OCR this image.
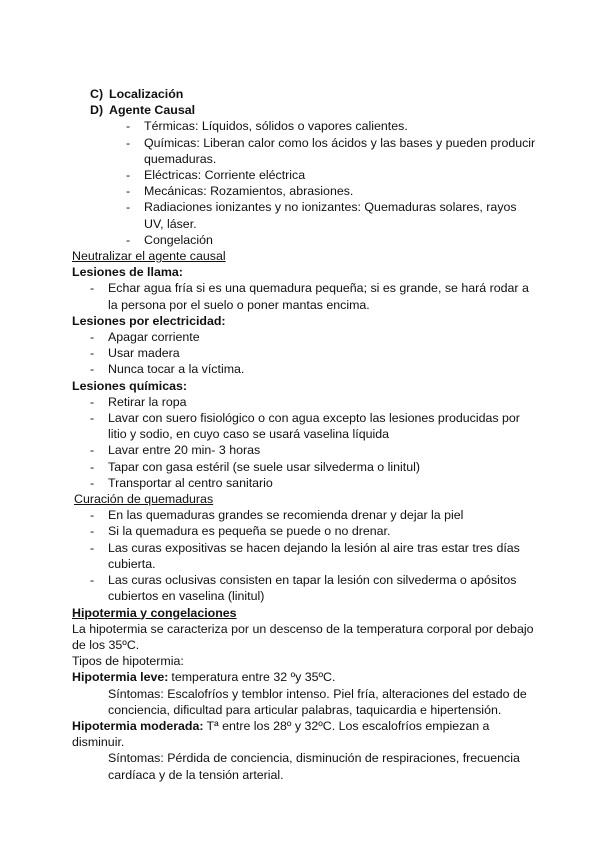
C) Localización
D) Agente Causal
- Térmicas: Líquidos, sólidos o vapores calientes.
- Químicas: Liberan calor como los ácidos y las bases y pueden producir
quemaduras.
- Eléctricas: Corriente eléctrica
- Mecánicas: Rozamientos, abrasiones.
- Radiaciones ionizantes y no ionizantes: Quemaduras solares, rayos
UV, láser.
- Congelación
Neutralizar el agente causal
Lesiones de llama:
- Echar agua fría si es una quemadura pequeña; si es grande, se hará rodar a
la persona por el suelo o poner mantas encima.
Lesiones por electricidad:
- Apagar corriente
- Usar madera
- Nunca tocar a la víctima.
Lesiones químicas:
- Retirar la ropa
- Lavar con suero fisiológico o con agua excepto las lesiones producidas por
litio y sodio, en cuyo caso se usará vaselina líquida
- Lavar entre 20 min- 3 horas
- Tapar con gasa estéril (se suele usar silvederma o linitul)
- Transportar al centro sanitario
Curación de quemaduras
- En las quemaduras grandes se recomienda drenar y dejar la piel
- Si la quemadura es pequeña se puede o no drenar.
- Las curas expositivas se hacen dejando la lesión al aire tras estar tres días
cubierta.
- Las curas oclusivas consisten en tapar la lesión con silvederma o apósitos
cubiertos en vaselina (linitul)
Hipotermia y congelaciones
La hipotermia se caracteriza por un descenso de la temperatura corporal por debajo
de los 35ºC.
Tipos de hipotermia:
Hipotermia leve: temperatura entre 32 ºy 35ºC.
Síntomas: Escalofríos y temblor intenso. Piel fría, alteraciones del estado de
conciencia, dificultad para articular palabras, taquicardia e hipertensión.
Hipotermia moderada: Tª entre los 28º y 32ºC. Los escalofríos empiezan a
disminuir.
Síntomas: Pérdida de conciencia, disminución de respiraciones, frecuencia
cardíaca y de la tensión arterial.
